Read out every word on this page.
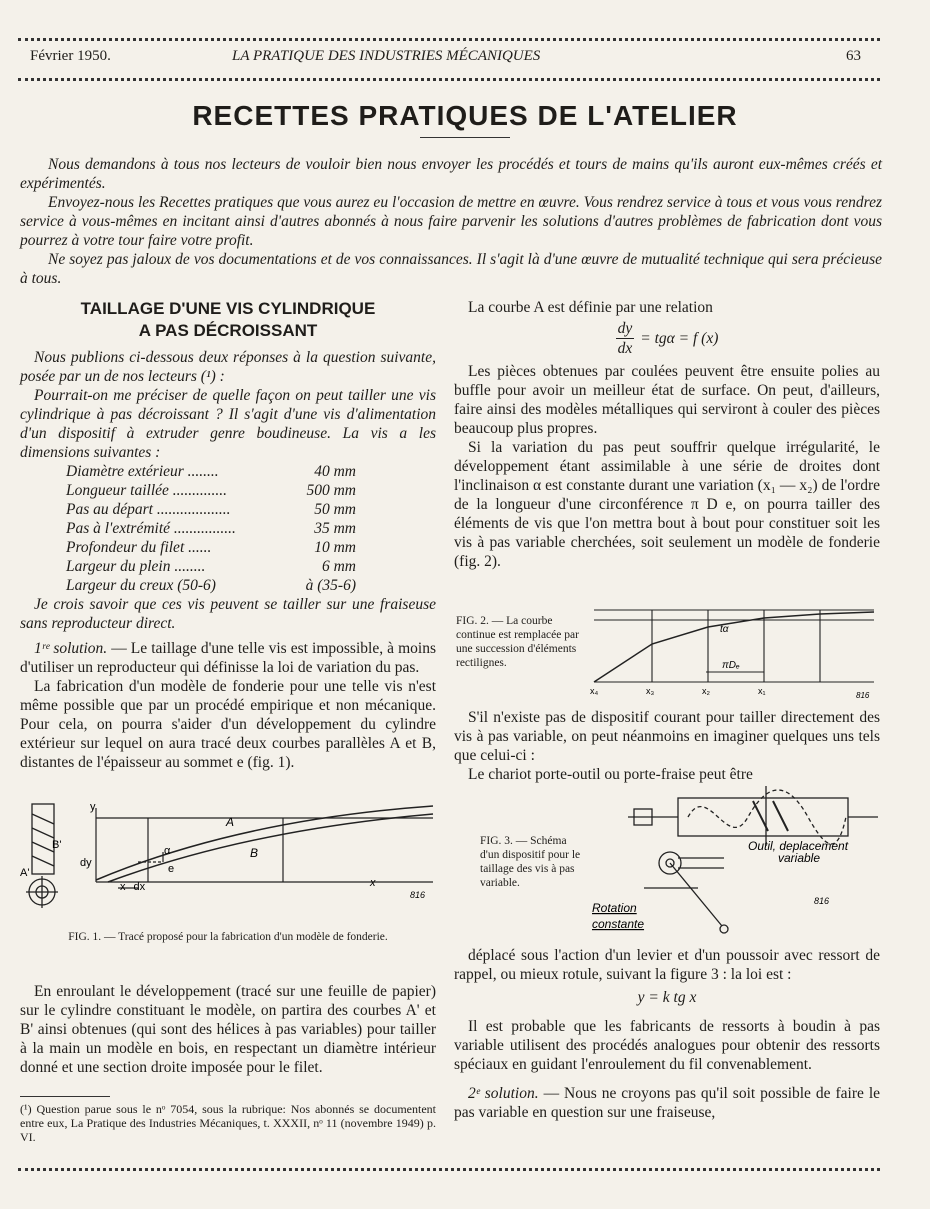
Février 1950.	LA PRATIQUE DES INDUSTRIES MÉCANIQUES	63
RECETTES PRATIQUES DE L'ATELIER

Nous demandons à tous nos lecteurs de vouloir bien nous envoyer les procédés et tours de mains qu'ils auront eux-mêmes créés et expérimentés.

Envoyez-nous les Recettes pratiques que vous aurez eu l'occasion de mettre en œuvre. Vous rendrez service à tous et vous vous rendrez service à vous-mêmes en incitant ainsi d'autres abonnés à nous faire parvenir les solutions d'autres problèmes de fabrication dont vous pourrez à votre tour faire votre profit.

Ne soyez pas jaloux de vos documentations et de vos connaissances. Il s'agit là d'une œuvre de mutualité technique qui sera précieuse à tous.

TAILLAGE D'UNE VIS CYLINDRIQUE
A PAS DÉCROISSANT

Nous publions ci-dessous deux réponses à la question suivante, posée par un de nos lecteurs (¹) :

Pourrait-on me préciser de quelle façon on peut tailler une vis cylindrique à pas décroissant ? Il s'agit d'une vis d'alimentation d'un dispositif à extruder genre boudineuse. La vis a les dimensions suivantes :

Diamètre extérieur ........	40 mm
Longueur taillée ..............	500 mm
Pas au départ ...................	50 mm
Pas à l'extrémité ................	35 mm
Profondeur du filet ......	10 mm
Largeur du plein ........	6 mm
Largeur du creux (50-6)	à (35-6)

Je crois savoir que ces vis peuvent se tailler sur une fraiseuse sans reproducteur direct.

1ʳᵉ solution. — Le taillage d'une telle vis est impossible, à moins d'utiliser un reproducteur qui définisse la loi de variation du pas.

La fabrication d'un modèle de fonderie pour une telle vis n'est même possible que par un procédé empirique et non mécanique. Pour cela, on pourra s'aider d'un développement du cylindre extérieur sur lequel on aura tracé deux courbes parallèles A et B, distantes de l'épaisseur au sommet e (fig. 1).

B'
A'
y
A
B
α
e
dy
x dx	x
816
FIG. 1. — Tracé proposé pour la fabrication d'un modèle de fonderie.

En enroulant le développement (tracé sur une feuille de papier) sur le cylindre constituant le modèle, on partira des courbes A' et B' ainsi obtenues (qui sont des hélices à pas variables) pour tailler à la main un modèle en bois, en respectant un diamètre intérieur donné et une section droite imposée pour le filet.

(¹) Question parue sous le nᵒ 7054, sous la rubrique: Nos abonnés se documentent entre eux, La Pratique des Industries Mécaniques, t. XXXII, nᵒ 11 (novembre 1949) p. VI.

La courbe A est définie par une relation

$\frac{dy}{dx} = tg\alpha = f$ (x)

Les pièces obtenues par coulées peuvent être ensuite polies au buffle pour avoir un meilleur état de surface. On peut, d'ailleurs, faire ainsi des modèles métalliques qui serviront à couler des pièces beaucoup plus propres.

Si la variation du pas peut souffrir quelque irrégularité, le développement étant assimilable à une série de droites dont l'inclinaison α est constante durant une variation (x₁ — x₂) de l'ordre de la longueur d'une circonférence π D e, on pourra tailler des éléments de vis que l'on mettra bout à bout pour constituer soit les vis à pas variable cherchées, soit seulement un modèle de fonderie (fig. 2).

FIG. 2. — La courbe continue est remplacée par une succession d'éléments rectilignes.
tα
πDₑ
x₄	x₃	x₂	x₁	816

S'il n'existe pas de dispositif courant pour tailler directement des vis à pas variable, on peut néanmoins en imaginer quelques uns tels que celui-ci :

Le chariot porte-outil ou porte-fraise peut être

FIG. 3. — Schéma d'un dispositif pour le taillage des vis à pas variable.
Outil, deplacement
variable
Rotation
constante
816

déplacé sous l'action d'un levier et d'un poussoir avec ressort de rappel, ou mieux rotule, suivant la figure 3 : la loi est :

y = k tg x

Il est probable que les fabricants de ressorts à boudin à pas variable utilisent des procédés analogues pour obtenir des ressorts spéciaux en guidant l'enroulement du fil convenablement.

2ᵉ solution. — Nous ne croyons pas qu'il soit possible de faire le pas variable en question sur une fraiseuse,
